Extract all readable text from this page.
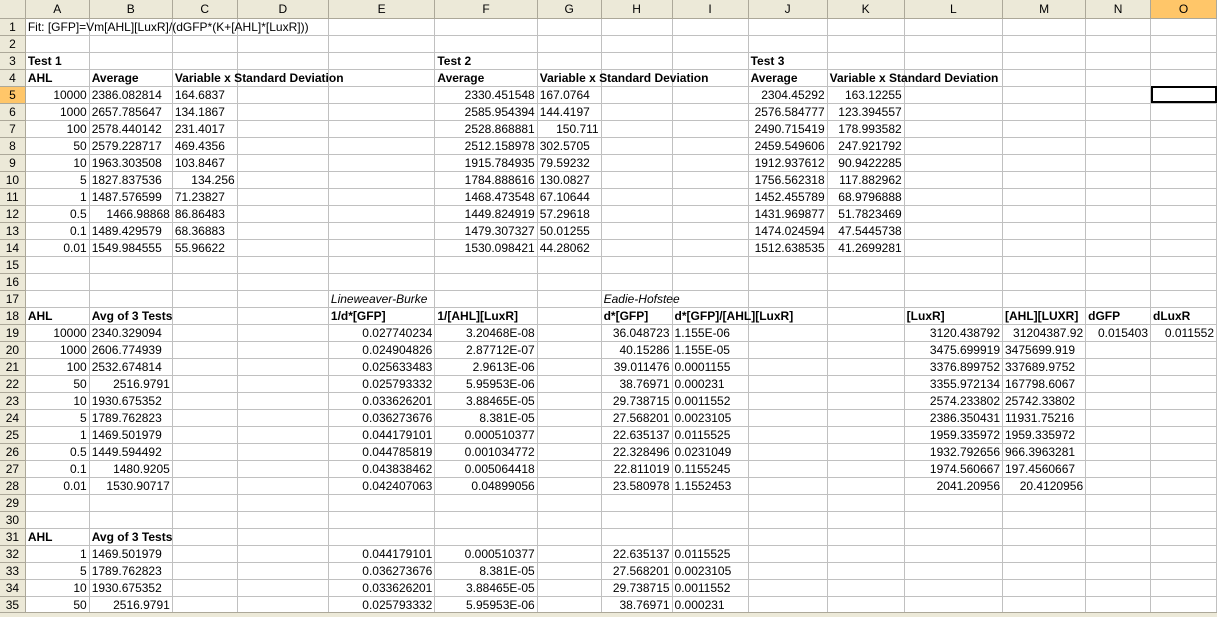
	A	B	C	D	E	F	G	H	I	J	K	L	M	N	O
1	Fit: [GFP]=Vm[AHL][LuxR]/(dGFP*(K+[AHL]*[LuxR]))														
2															
3	Test 1					Test 2				Test 3					
4	AHL	Average	Variable x Standard Deviation			Average	Variable x Standard Deviation			Average	Variable x Standard Deviation				
5	10000	2386.082814	164.6837			2330.451548	167.0764			2304.45292	163.12255				
6	1000	2657.785647	134.1867			2585.954394	144.4197			2576.584777	123.394557				
7	100	2578.440142	231.4017			2528.868881	150.711			2490.715419	178.993582				
8	50	2579.228717	469.4356			2512.158978	302.5705			2459.549606	247.921792				
9	10	1963.303508	103.8467			1915.784935	79.59232			1912.937612	90.9422285				
10	5	1827.837536	134.256			1784.888616	130.0827			1756.562318	117.882962				
11	1	1487.576599	71.23827			1468.473548	67.10644			1452.455789	68.9796888				
12	0.5	1466.98868	86.86483			1449.824919	57.29618			1431.969877	51.7823469				
13	0.1	1489.429579	68.36883			1479.307327	50.01255			1474.024594	47.5445738				
14	0.01	1549.984555	55.96622			1530.098421	44.28062			1512.638535	41.2699281				
15															
16															
17					Lineweaver-Burke			Eadie-Hofstee							
18	AHL	Avg of 3 Tests			1/d*[GFP]	1/[AHL][LuxR]		d*[GFP]	d*[GFP]/[AHL][LuxR]			[LuxR]	[AHL][LUXR]	dGFP	dLuxR
19	10000	2340.329094			0.027740234	3.20468E-08		36.048723	1.155E-06			3120.438792	31204387.92	0.015403	0.011552
20	1000	2606.774939			0.024904826	2.87712E-07		40.15286	1.155E-05			3475.699919	3475699.919		
21	100	2532.674814			0.025633483	2.9613E-06		39.011476	0.0001155			3376.899752	337689.9752		
22	50	2516.9791			0.025793332	5.95953E-06		38.76971	0.000231			3355.972134	167798.6067		
23	10	1930.675352			0.033626201	3.88465E-05		29.738715	0.0011552			2574.233802	25742.33802		
24	5	1789.762823			0.036273676	8.381E-05		27.568201	0.0023105			2386.350431	11931.75216		
25	1	1469.501979			0.044179101	0.000510377		22.635137	0.0115525			1959.335972	1959.335972		
26	0.5	1449.594492			0.044785819	0.001034772		22.328496	0.0231049			1932.792656	966.3963281		
27	0.1	1480.9205			0.043838462	0.005064418		22.811019	0.1155245			1974.560667	197.4560667		
28	0.01	1530.90717			0.042407063	0.04899056		23.580978	1.1552453			2041.20956	20.4120956		
29															
30															
31	AHL	Avg of 3 Tests													
32	1	1469.501979			0.044179101	0.000510377		22.635137	0.0115525						
33	5	1789.762823			0.036273676	8.381E-05		27.568201	0.0023105						
34	10	1930.675352			0.033626201	3.88465E-05		29.738715	0.0011552						
35	50	2516.9791			0.025793332	5.95953E-06		38.76971	0.000231						
